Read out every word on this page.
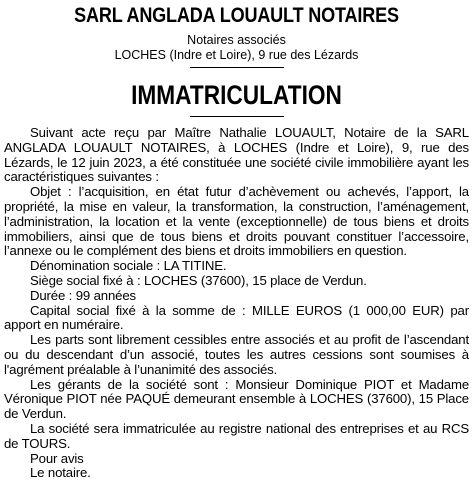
SARL ANGLADA LOUAULT NOTAIRES
Notaires associés
LOCHES (Indre et Loire), 9 rue des Lézards
IMMATRICULATION

Suivant acte reçu par Maître Nathalie LOUAULT, Notaire de la SARL ANGLADA LOUAULT NOTAIRES, à LOCHES (Indre et Loire), 9, rue des Lézards, le 12 juin 2023, a été constituée une société civile immobilière ayant les caractéristiques suivantes :

Objet : l’acquisition, en état futur d’achèvement ou achevés, l’apport, la propriété, la mise en valeur, la transformation, la construction, l’aménagement, l’administration, la location et la vente (exceptionnelle) de tous biens et droits immobiliers, ainsi que de tous biens et droits pouvant constituer l’accessoire, l’annexe ou le complément des biens et droits immobiliers en question.

Dénomination sociale : LA TITINE.

Siège social fixé à : LOCHES (37600), 15 place de Verdun.

Durée : 99 années

Capital social fixé à la somme de : MILLE EUROS (1 000,00 EUR) par apport en numéraire.

Les parts sont librement cessibles entre associés et au profit de l’ascendant ou du descendant d’un associé, toutes les autres cessions sont soumises à l'agrément préalable à l’unanimité des associés.

Les gérants de la société sont : Monsieur Dominique PIOT et Madame Véronique PIOT née PAQUÉ demeurant ensemble à LOCHES (37600), 15 Place de Verdun.

La société sera immatriculée au registre national des entreprises et au RCS de TOURS.

Pour avis

Le notaire.
